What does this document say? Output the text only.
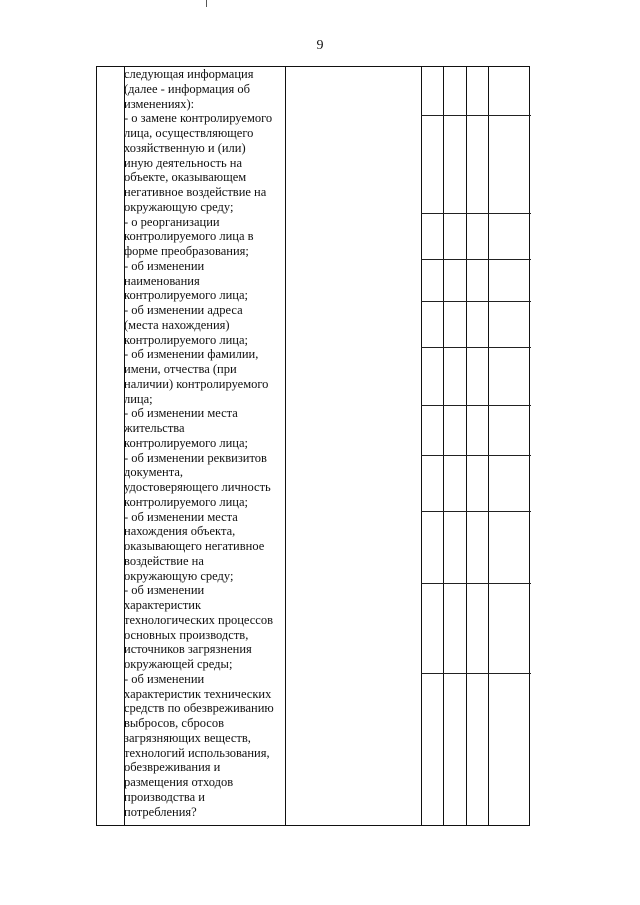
9

следующая информация

(далее - информация об

изменениях):

- о замене контролируемого

лица, осуществляющего

хозяйственную и (или)

иную деятельность на

объекте, оказывающем

негативное воздействие на

окружающую среду;

- о реорганизации

контролируемого лица в

форме преобразования;

- об изменении

наименования

контролируемого лица;

- об изменении адреса

(места нахождения)

контролируемого лица;

- об изменении фамилии,

имени, отчества (при

наличии) контролируемого

лица;

- об изменении места

жительства

контролируемого лица;

- об изменении реквизитов

документа,

удостоверяющего личность

контролируемого лица;

- об изменении места

нахождения объекта,

оказывающего негативное

воздействие на

окружающую среду;

- об изменении

характеристик

технологических процессов

основных производств,

источников загрязнения

окружающей среды;

- об изменении

характеристик технических

средств по обезвреживанию

выбросов, сбросов

загрязняющих веществ,

технологий использования,

обезвреживания и

размещения отходов

производства и

потребления?
